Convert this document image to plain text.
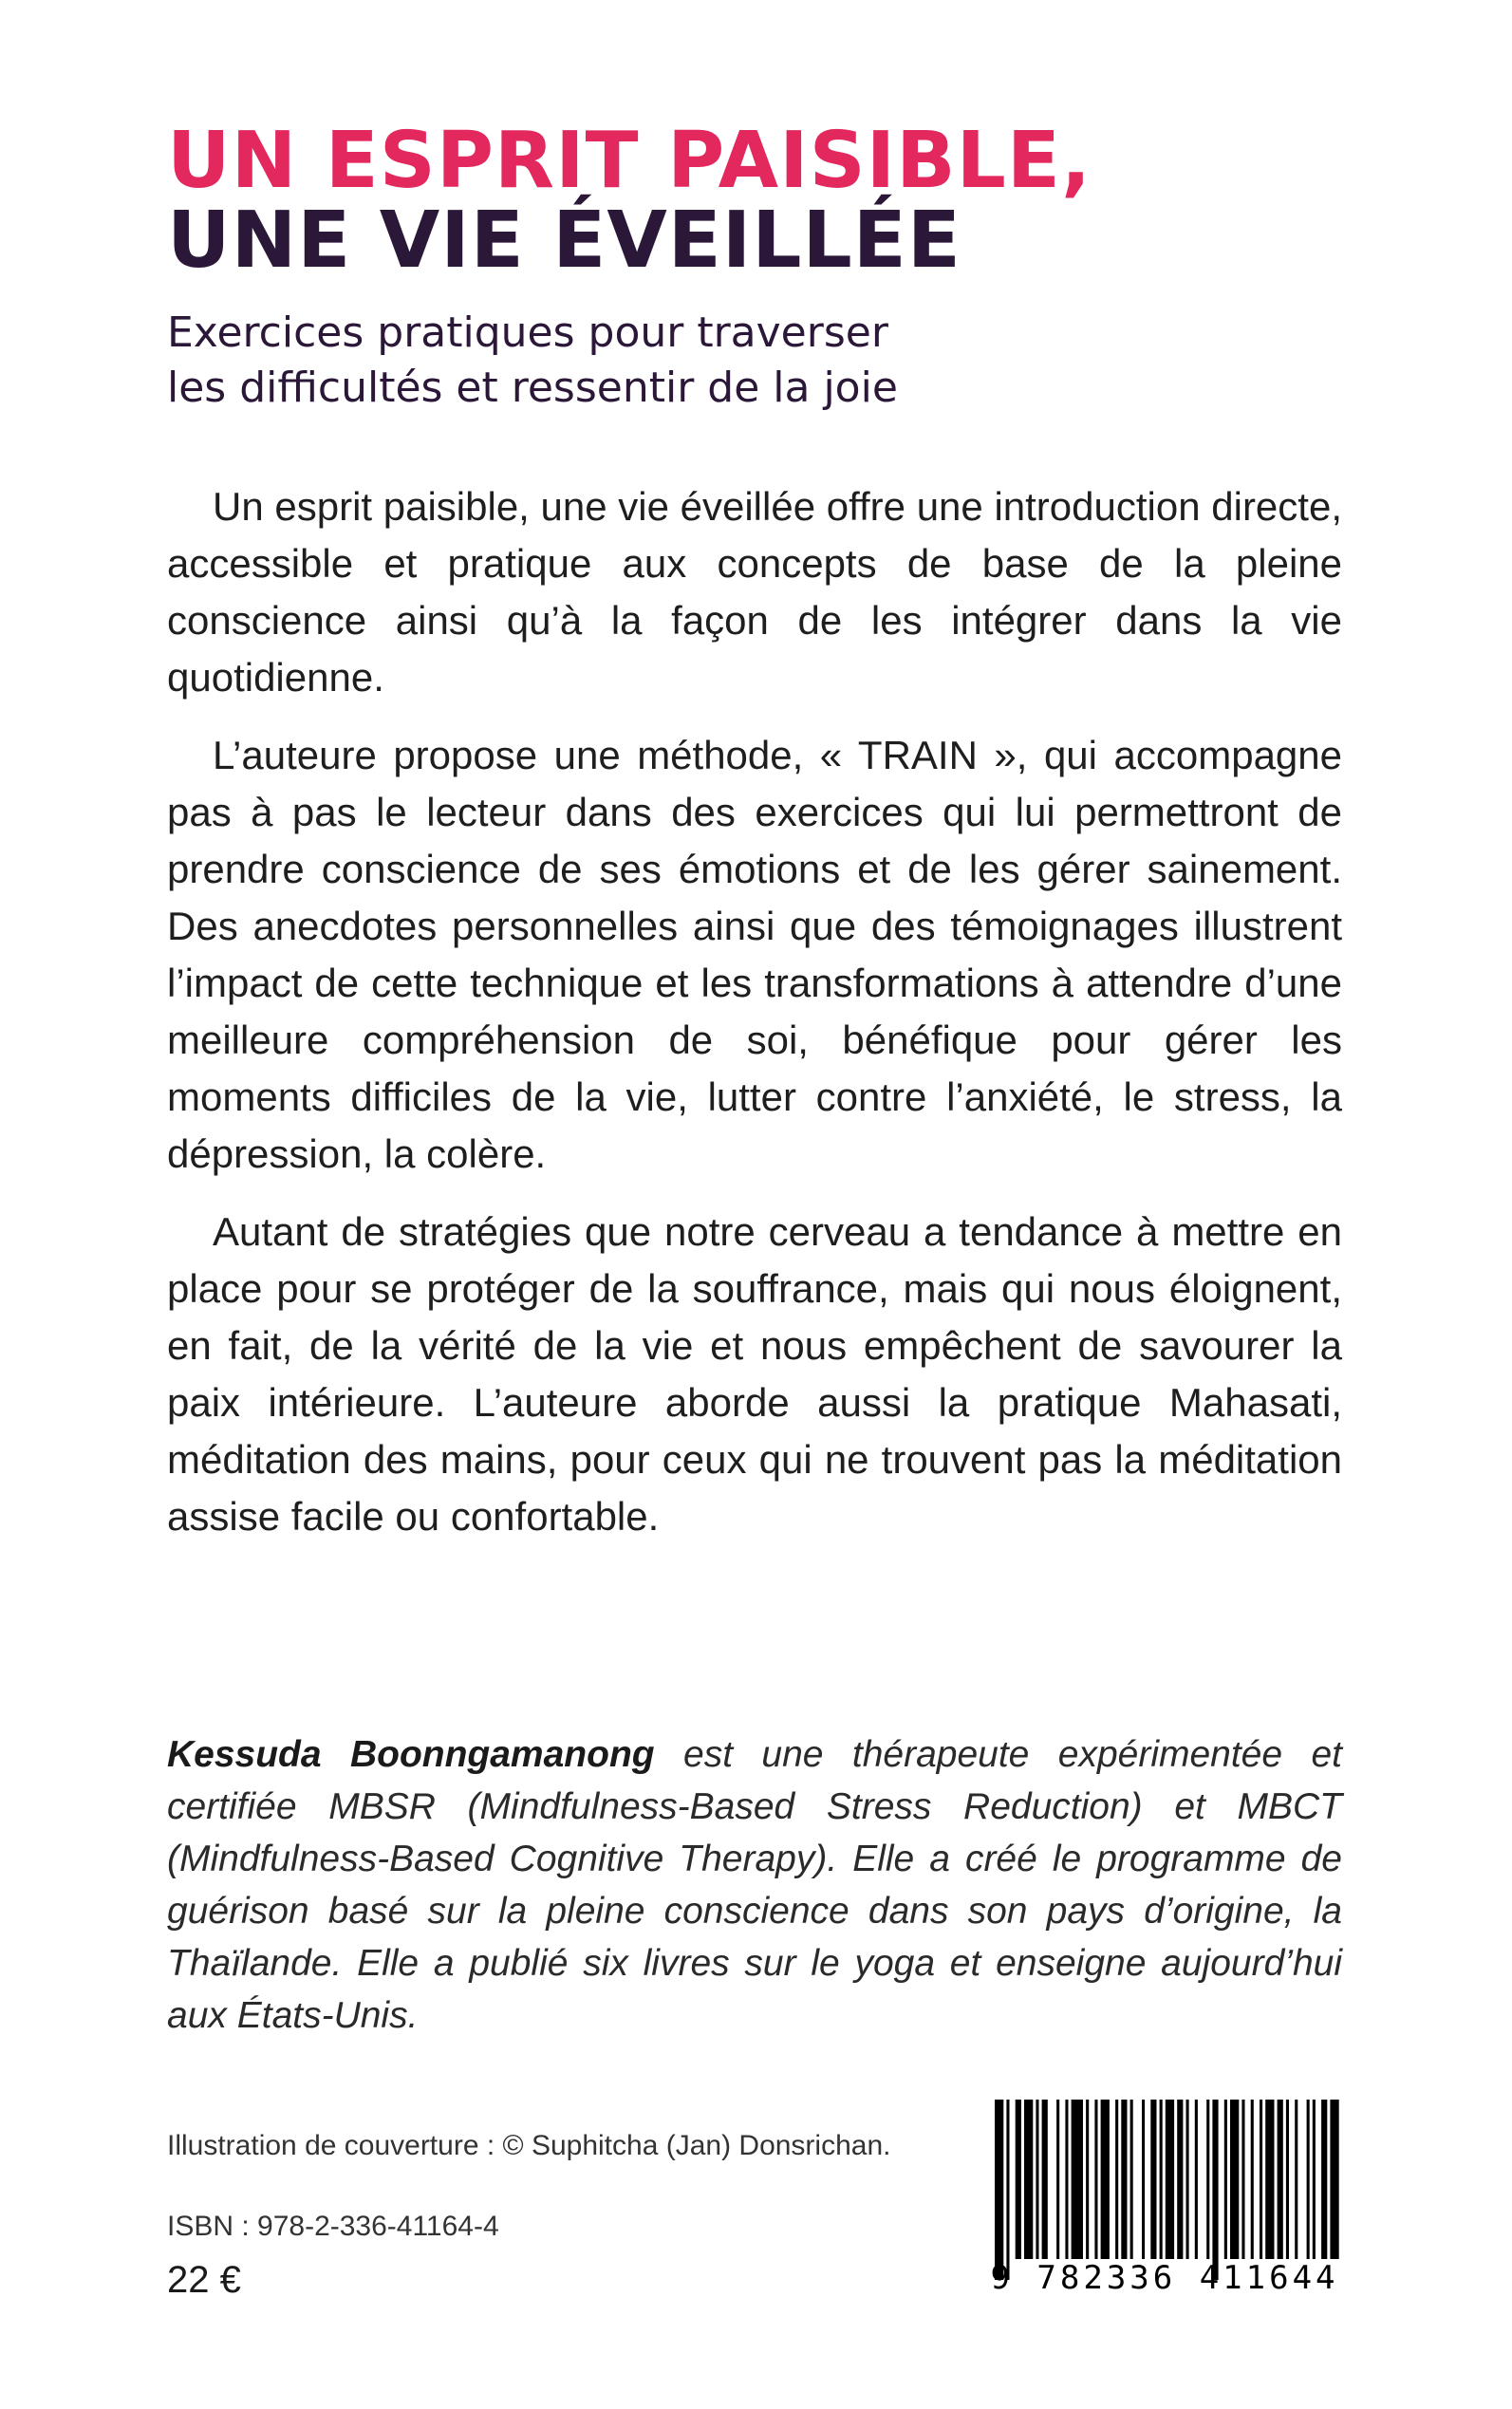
UN ESPRIT PAISIBLE,
UNE VIE ÉVEILLÉE
Exercices pratiques pour traverser
les difficultés et ressentir de la joie

Un esprit paisible, une vie éveillée offre une introduction directe, accessible et pratique aux concepts de base de la pleine conscience ainsi qu’à la façon de les intégrer dans la vie quotidienne.

L’auteure propose une méthode, « TRAIN », qui accompagne pas à pas le lecteur dans des exercices qui lui permettront de prendre conscience de ses émotions et de les gérer sainement. Des anecdotes personnelles ainsi que des témoignages illustrent l’impact de cette technique et les transformations à attendre d’une meilleure compréhension de soi, bénéfique pour gérer les moments difficiles de la vie, lutter contre l’anxiété, le stress, la dépression, la colère.

Autant de stratégies que notre cerveau a tendance à mettre en place pour se protéger de la souffrance, mais qui nous éloignent, en fait, de la vérité de la vie et nous empêchent de savourer la paix intérieure. L’auteure aborde aussi la pratique Mahasati, méditation des mains, pour ceux qui ne trouvent pas la méditation assise facile ou confortable.

Kessuda Boonngamanong est une thérapeute expérimentée et certifiée MBSR (Mindfulness-Based Stress Reduction) et MBCT (Mindfulness-Based Cognitive Therapy). Elle a créé le programme de guérison basé sur la pleine conscience dans son pays d’origine, la Thaïlande. Elle a publié six livres sur le yoga et enseigne aujourd’hui aux États-Unis.
Illustration de couverture : © Suphitcha (Jan) Donsrichan.
ISBN : 978-2-336-41164-4
22 €	9 782336 411644
